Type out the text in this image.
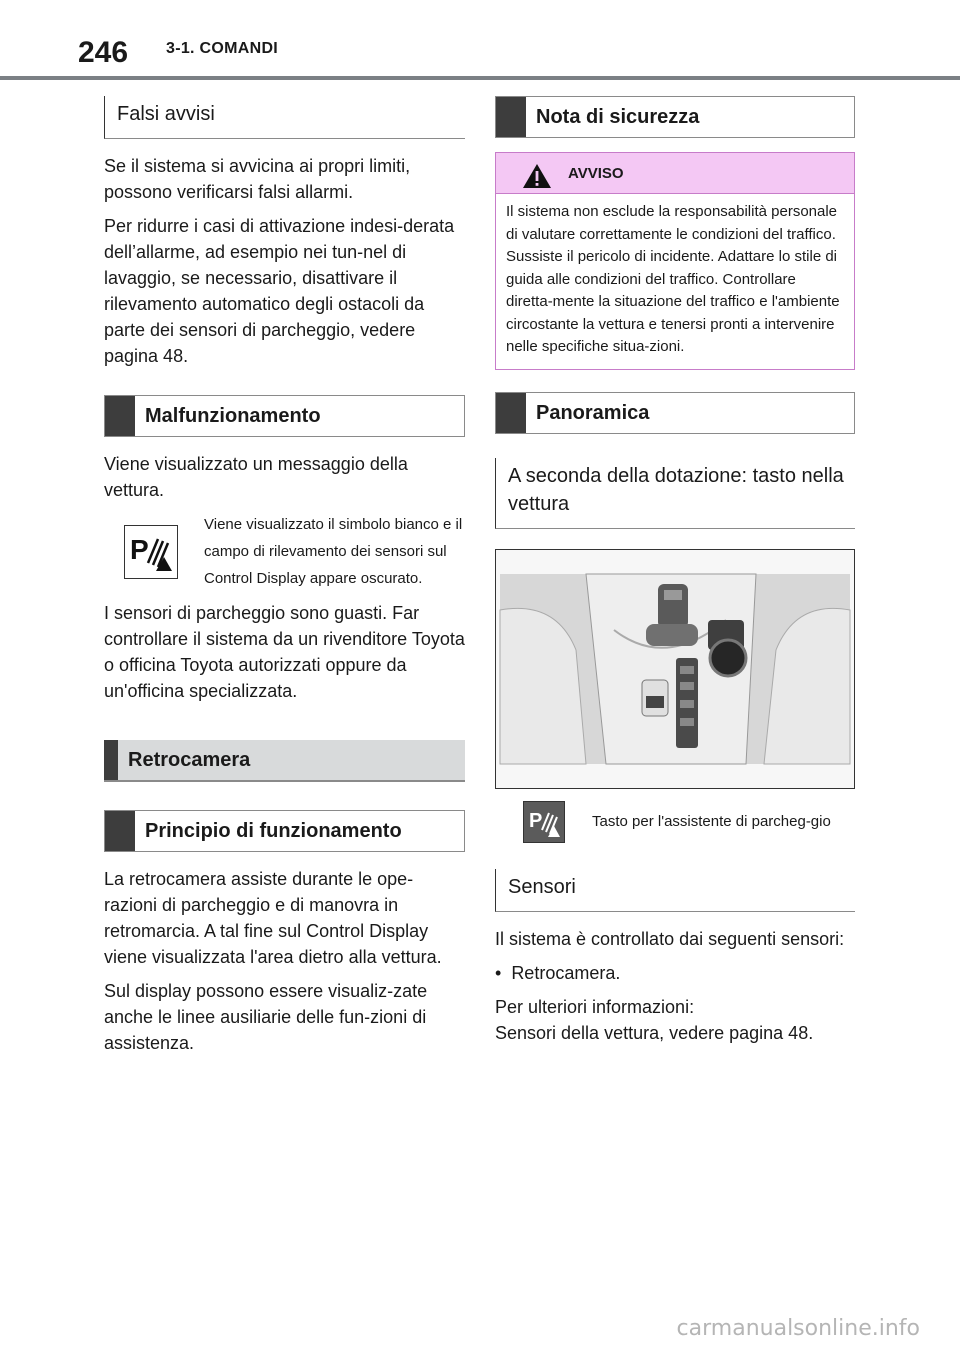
246 3-1. COMANDI
Falsi avvisi

Se il sistema si avvicina ai propri limiti, possono verificarsi falsi allarmi.

Per ridurre i casi di attivazione indesi-derata dell’allarme, ad esempio nei tun-nel di lavaggio, se necessario, disattivare il rilevamento automatico degli ostacoli da parte dei sensori di parcheggio, vedere pagina 48.

Malfunzionamento

Viene visualizzato un messaggio della vettura.

P
Viene visualizzato il simbolo bianco e il campo di rilevamento dei sensori sul Control Display appare oscurato.

I sensori di parcheggio sono guasti. Far controllare il sistema da un rivenditore Toyota o officina Toyota autorizzati oppure da un'officina specializzata.

Retrocamera
Principio di funzionamento

La retrocamera assiste durante le ope-razioni di parcheggio e di manovra in retromarcia. A tal fine sul Control Display viene visualizzata l'area dietro alla vettura.

Sul display possono essere visualiz-zate anche le linee ausiliarie delle fun-zioni di assistenza.

Nota di sicurezza
AVVISO
Il sistema non esclude la responsabilità personale di valutare correttamente le condizioni del traffico. Sussiste il pericolo di incidente. Adattare lo stile di guida alle condizioni del traffico. Controllare diretta-mente la situazione del traffico e l'ambiente circostante la vettura e tenersi pronti a intervenire nelle specifiche situa-zioni.
Panoramica
A seconda della dotazione: tasto nella vettura
P	Tasto per l'assistente di parcheg-gio
Sensori

Il sistema è controllato dai seguenti sensori:

•  Retrocamera.

Per ulteriori informazioni:

Sensori della vettura, vedere pagina 48.

carmanualsonline.info
